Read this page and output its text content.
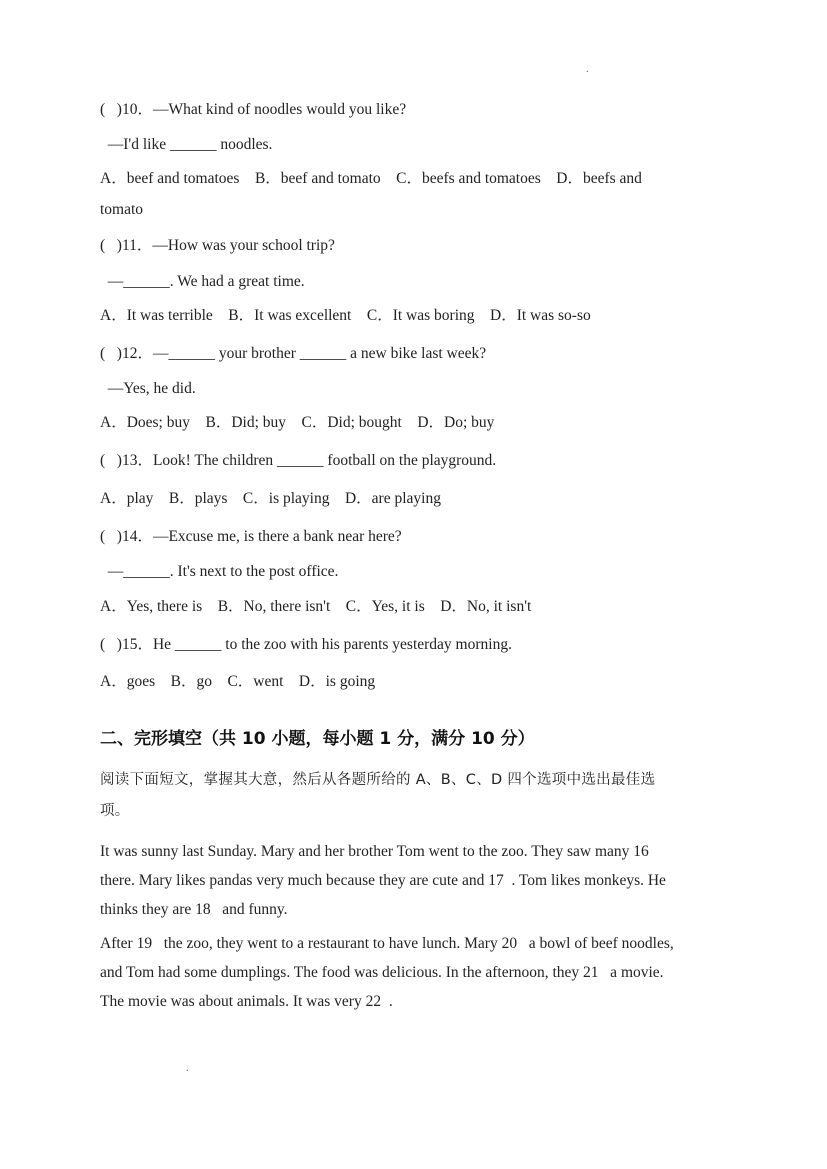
.
(   )10．—What kind of noodles would you like?
—I'd like ______ noodles.
A．beef and tomatoes    B．beef and tomato    C．beefs and tomatoes    D．beefs and
tomato
(   )11．—How was your school trip?
—______. We had a great time.
A．It was terrible    B．It was excellent    C．It was boring    D．It was so-so
(   )12．—______ your brother ______ a new bike last week?
—Yes, he did.
A．Does; buy    B．Did; buy    C．Did; bought    D．Do; buy
(   )13．Look! The children ______ football on the playground.
A．play    B．plays    C．is playing    D．are playing
(   )14．—Excuse me, is there a bank near here?
—______. It's next to the post office.
A．Yes, there is    B．No, there isn't    C．Yes, it is    D．No, it isn't
(   )15．He ______ to the zoo with his parents yesterday morning.
A．goes    B．go    C．went    D．is going
二、完形填空（共 10 小题，每小题 1 分，满分 10 分）
阅读下面短文，掌握其大意，然后从各题所给的 A、B、C、D 四个选项中选出最佳选
项。
It was sunny last Sunday. Mary and her brother Tom went to the zoo. They saw many 16
there. Mary likes pandas very much because they are cute and 17  . Tom likes monkeys. He
thinks they are 18   and funny.
After 19   the zoo, they went to a restaurant to have lunch. Mary 20   a bowl of beef noodles,
and Tom had some dumplings. The food was delicious. In the afternoon, they 21   a movie.
The movie was about animals. It was very 22  .
.
